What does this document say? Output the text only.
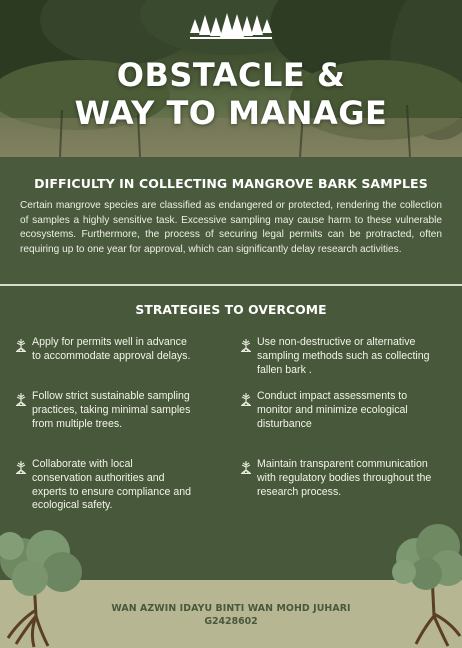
OBSTACLE &
WAY TO MANAGE
DIFFICULTY IN COLLECTING MANGROVE BARK SAMPLES

Certain mangrove species are classified as endangered or protected, rendering the collection of samples a highly sensitive task. Excessive sampling may cause harm to these vulnerable ecosystems. Furthermore, the process of securing legal permits can be protracted, often requiring up to one year for approval, which can significantly delay research activities.

STRATEGIES TO OVERCOME
Apply for permits well in advance to accommodate approval delays.
Follow strict sustainable sampling practices, taking minimal samples from multiple trees.
Collaborate with local conservation authorities and experts to ensure compliance and ecological safety.
Use non-destructive or alternative sampling methods such as collecting fallen bark .
Conduct impact assessments to monitor and minimize ecological disturbance
Maintain transparent communication with regulatory bodies throughout the research process.

WAN AZWIN IDAYU BINTI WAN MOHD JUHARI

G2428602
